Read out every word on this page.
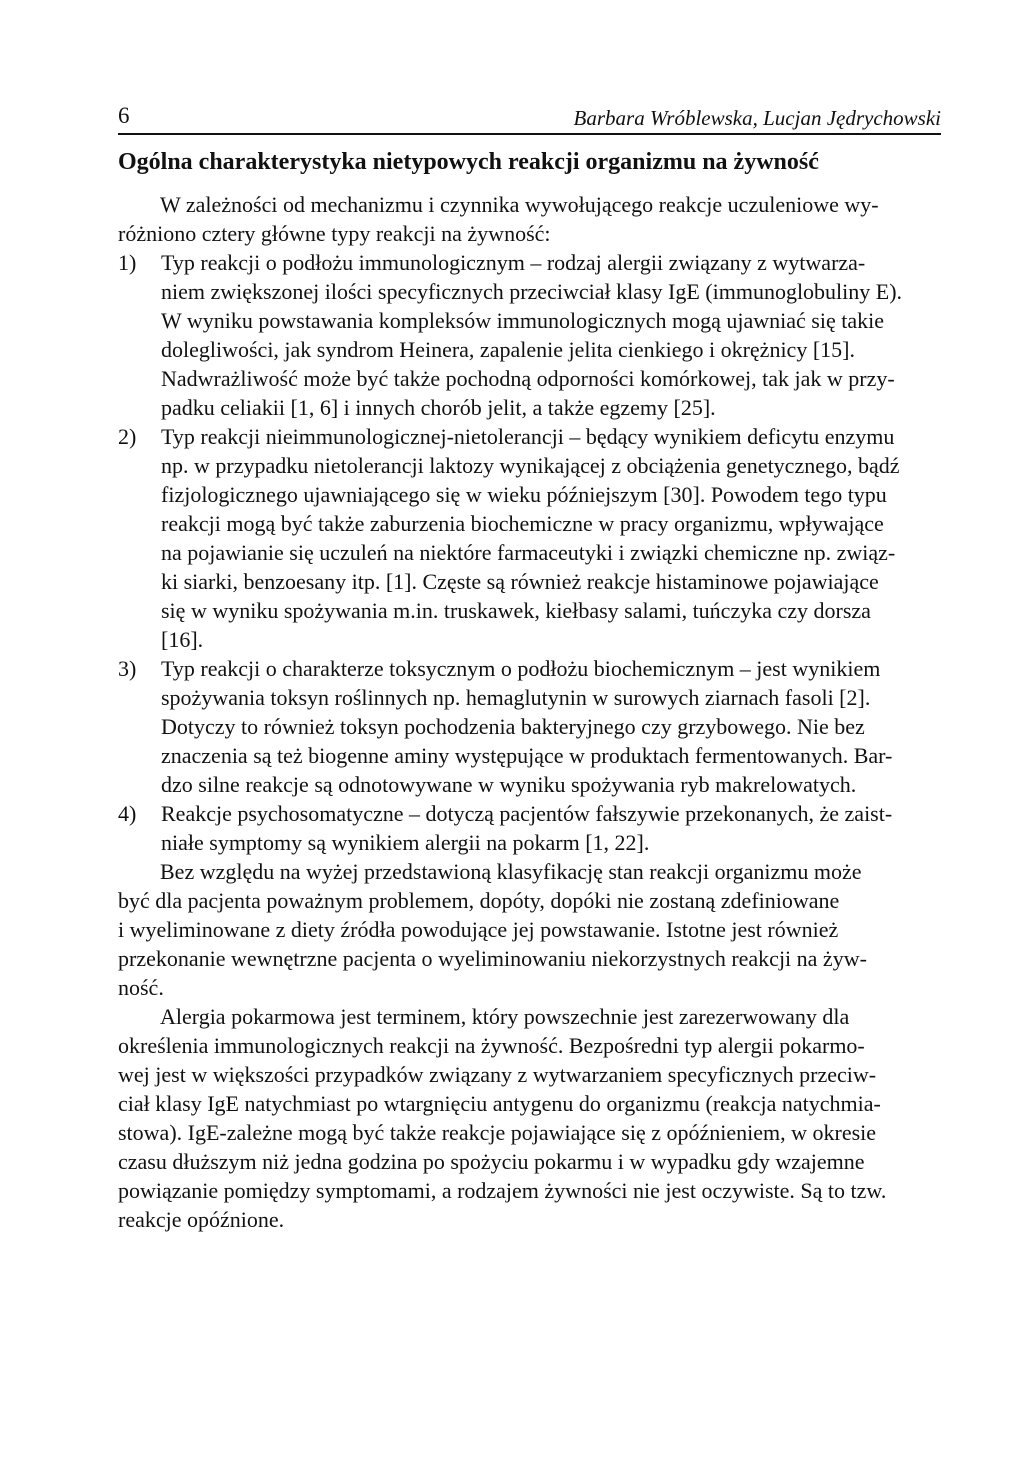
6	Barbara Wróblewska, Lucjan Jędrychowski
Ogólna charakterystyka nietypowych reakcji organizmu na żywność
W zależności od mechanizmu i czynnika wywołującego reakcje uczuleniowe wy-
różniono cztery główne typy reakcji na żywność:
1) Typ reakcji o podłożu immunologicznym – rodzaj alergii związany z wytwarza-
niem zwiększonej ilości specyficznych przeciwciał klasy IgE (immunoglobuliny E).
W wyniku powstawania kompleksów immunologicznych mogą ujawniać się takie
dolegliwości, jak syndrom Heinera, zapalenie jelita cienkiego i okrężnicy [15].
Nadwrażliwość może być także pochodną odporności komórkowej, tak jak w przy-
padku celiakii [1, 6] i innych chorób jelit, a także egzemy [25].
2) Typ reakcji nieimmunologicznej-nietolerancji – będący wynikiem deficytu enzymu
np. w przypadku nietolerancji laktozy wynikającej z obciążenia genetycznego, bądź
fizjologicznego ujawniającego się w wieku późniejszym [30]. Powodem tego typu
reakcji mogą być także zaburzenia biochemiczne w pracy organizmu, wpływające
na pojawianie się uczuleń na niektóre farmaceutyki i związki chemiczne np. związ-
ki siarki, benzoesany itp. [1]. Częste są również reakcje histaminowe pojawiające
się w wyniku spożywania m.in. truskawek, kiełbasy salami, tuńczyka czy dorsza
[16].
3) Typ reakcji o charakterze toksycznym o podłożu biochemicznym – jest wynikiem
spożywania toksyn roślinnych np. hemaglutynin w surowych ziarnach fasoli [2].
Dotyczy to również toksyn pochodzenia bakteryjnego czy grzybowego. Nie bez
znaczenia są też biogenne aminy występujące w produktach fermentowanych. Bar-
dzo silne reakcje są odnotowywane w wyniku spożywania ryb makrelowatych.
4) Reakcje psychosomatyczne – dotyczą pacjentów fałszywie przekonanych, że zaist-
niałe symptomy są wynikiem alergii na pokarm [1, 22].
Bez względu na wyżej przedstawioną klasyfikację stan reakcji organizmu może
być dla pacjenta poważnym problemem, dopóty, dopóki nie zostaną zdefiniowane
i wyeliminowane z diety źródła powodujące jej powstawanie. Istotne jest również
przekonanie wewnętrzne pacjenta o wyeliminowaniu niekorzystnych reakcji na żyw-
ność.
Alergia pokarmowa jest terminem, który powszechnie jest zarezerwowany dla
określenia immunologicznych reakcji na żywność. Bezpośredni typ alergii pokarmo-
wej jest w większości przypadków związany z wytwarzaniem specyficznych przeciw-
ciał klasy IgE natychmiast po wtargnięciu antygenu do organizmu (reakcja natychmia-
stowa). IgE-zależne mogą być także reakcje pojawiające się z opóźnieniem, w okresie
czasu dłuższym niż jedna godzina po spożyciu pokarmu i w wypadku gdy wzajemne
powiązanie pomiędzy symptomami, a rodzajem żywności nie jest oczywiste. Są to tzw.
reakcje opóźnione.
